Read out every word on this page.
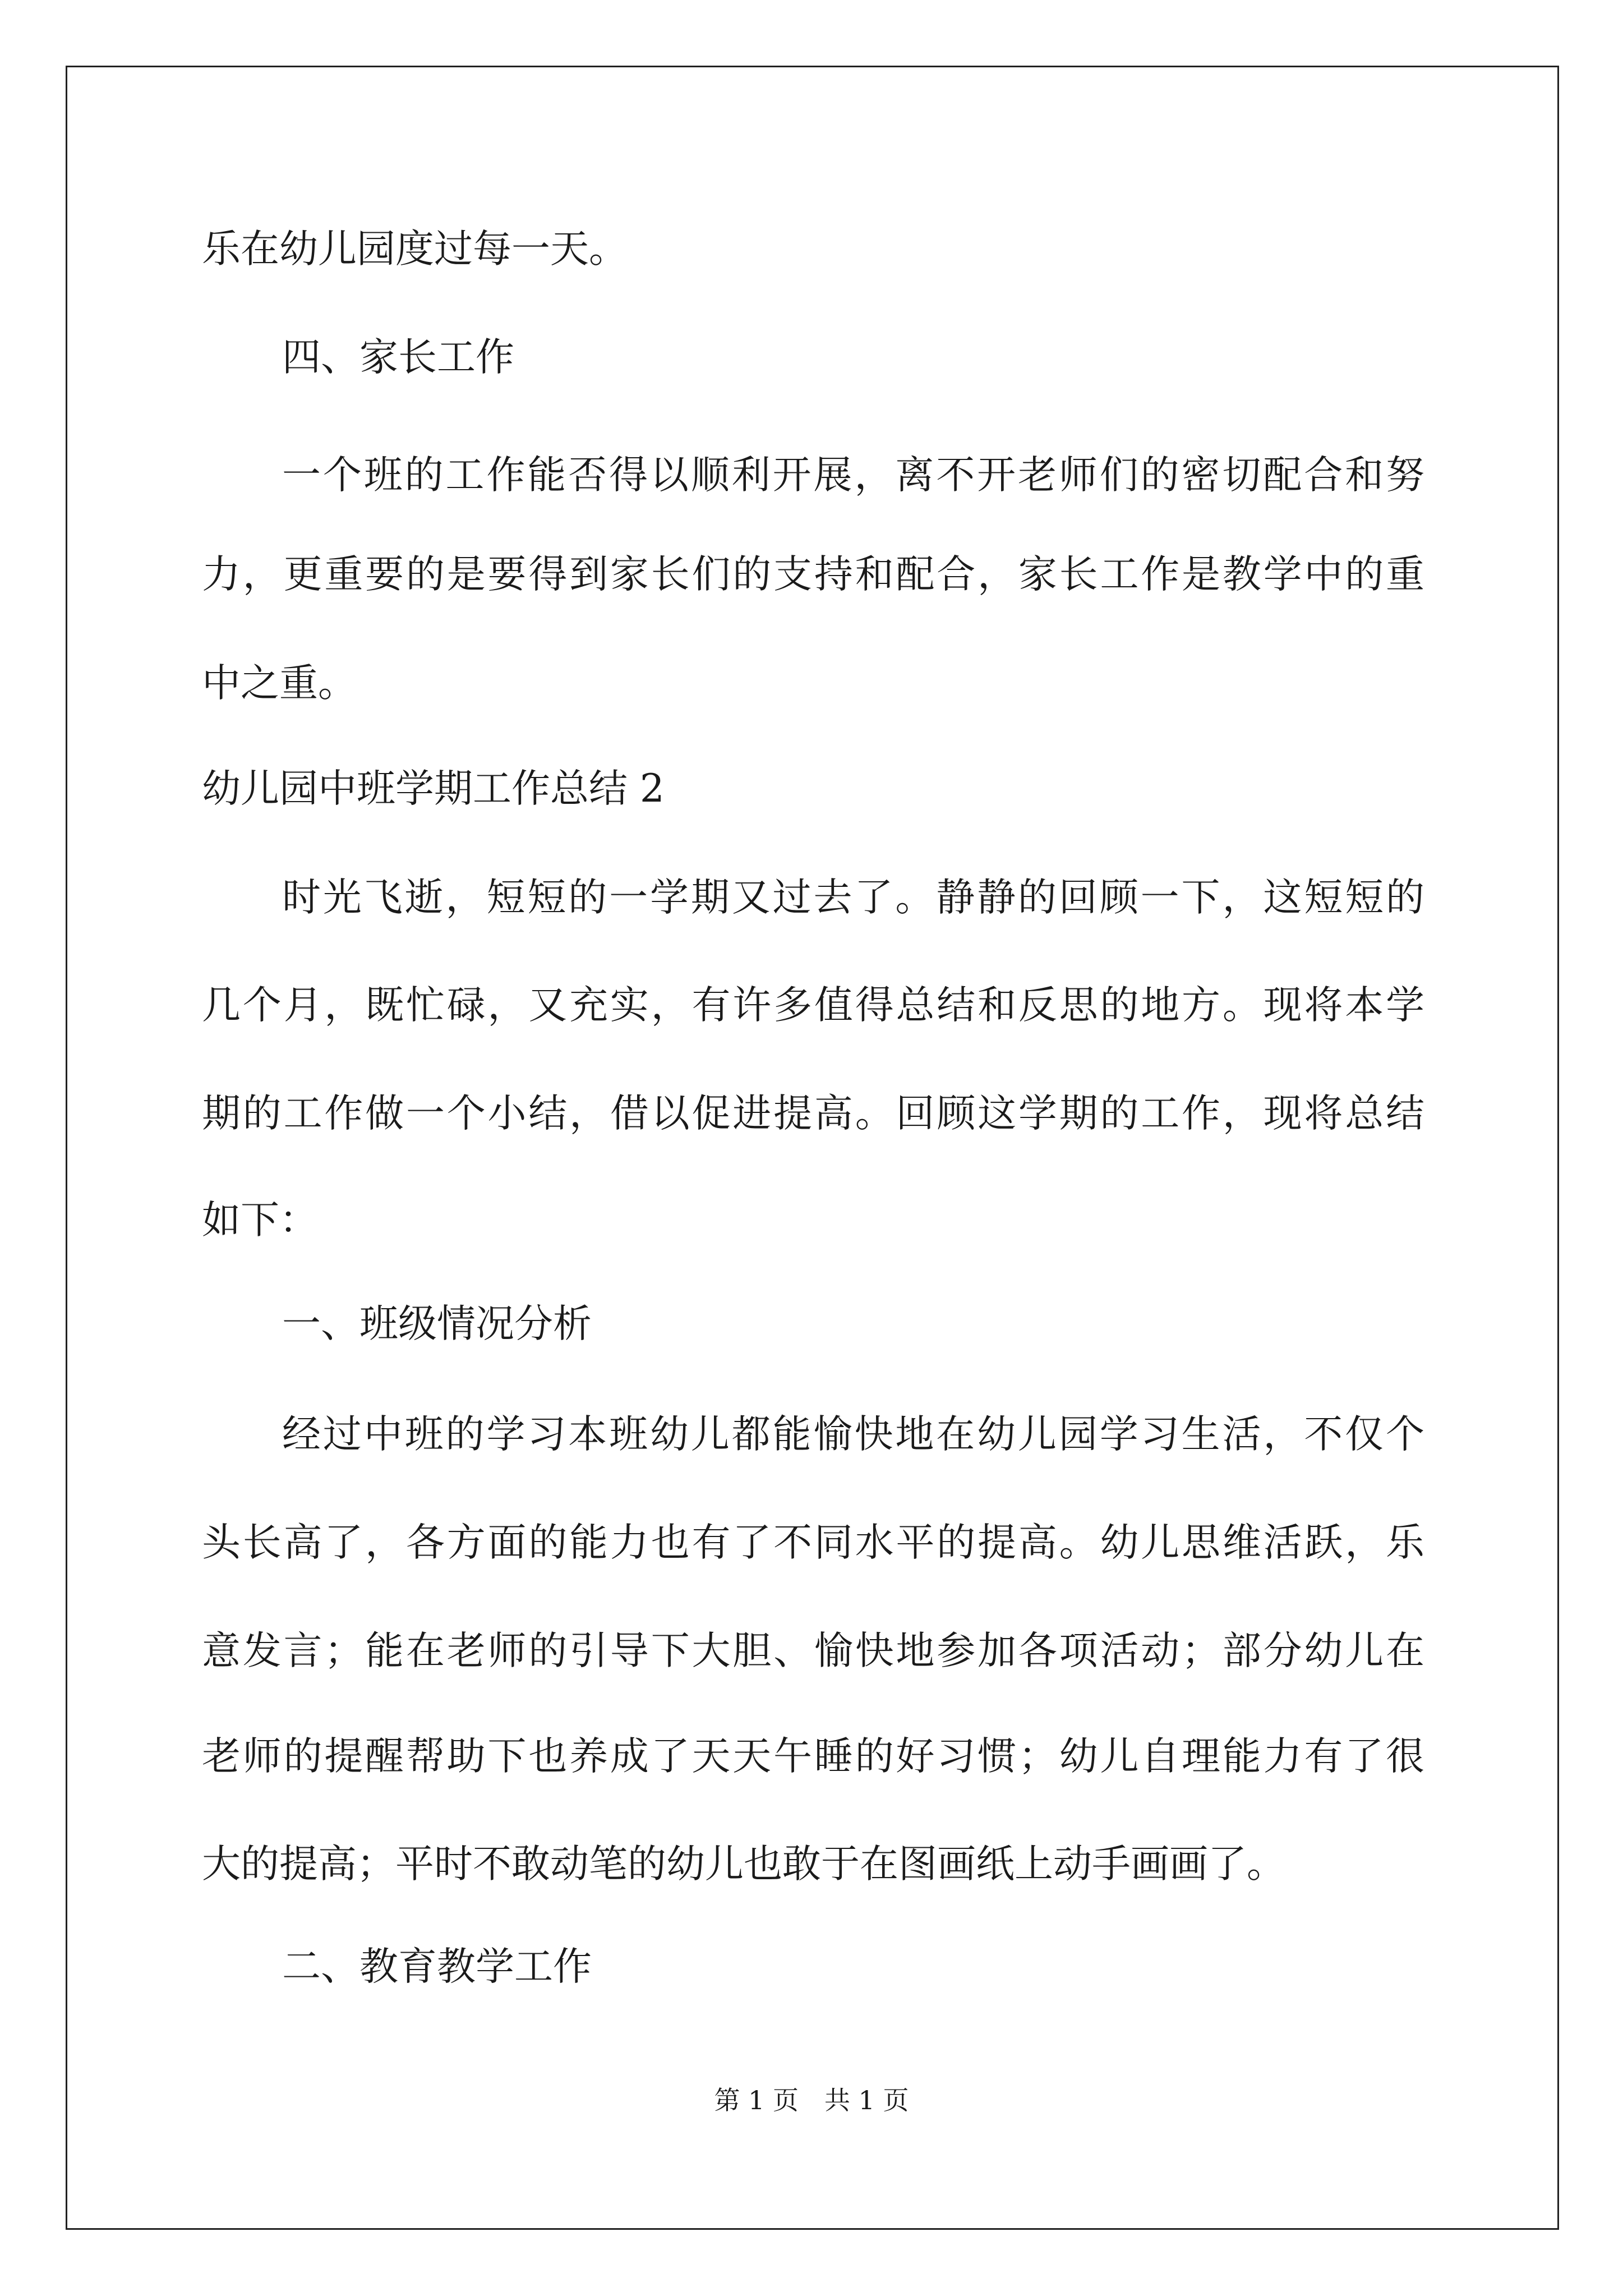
乐在幼儿园度过每一天。
四、家长工作
一个班的工作能否得以顺利开展，离不开老师们的密切配合和努
力，更重要的是要得到家长们的支持和配合，家长工作是教学中的重
中之重。
幼儿园中班学期工作总结 2
时光飞逝，短短的一学期又过去了。静静的回顾一下，这短短的
几个月，既忙碌，又充实，有许多值得总结和反思的地方。现将本学
期的工作做一个小结，借以促进提高。回顾这学期的工作，现将总结
如下：
一、班级情况分析
经过中班的学习本班幼儿都能愉快地在幼儿园学习生活，不仅个
头长高了，各方面的能力也有了不同水平的提高。幼儿思维活跃，乐
意发言；能在老师的引导下大胆、愉快地参加各项活动；部分幼儿在
老师的提醒帮助下也养成了天天午睡的好习惯；幼儿自理能力有了很
大的提高；平时不敢动笔的幼儿也敢于在图画纸上动手画画了。
二、教育教学工作
第 1 页　共 1 页
